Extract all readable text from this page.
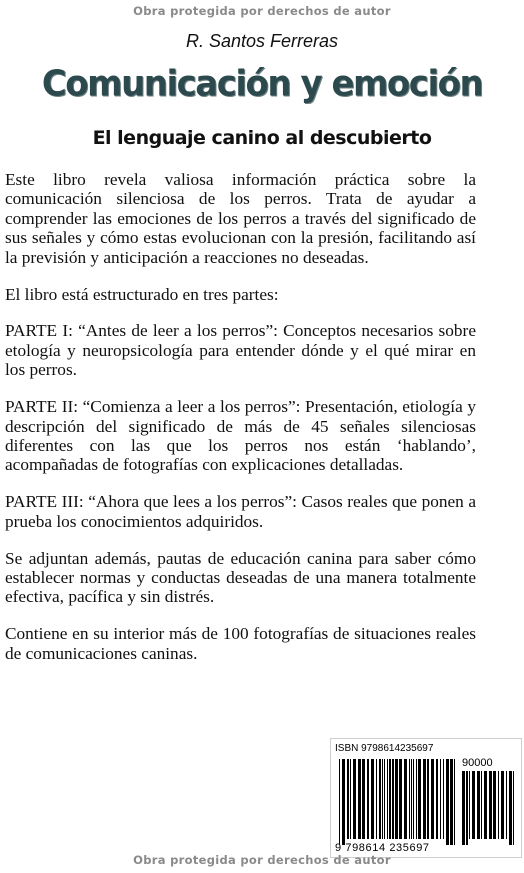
Obra protegida por derechos de autor
R. Santos Ferreras
Comunicación y emoción
El lenguaje canino al descubierto

Este libro revela valiosa información práctica sobre la comunicación silenciosa de los perros. Trata de ayudar a comprender las emociones de los perros a través del significado de sus señales y cómo estas evolucionan con la presión, facilitando así la previsión y anticipación a reacciones no deseadas.

El libro está estructurado en tres partes:

PARTE I: “Antes de leer a los perros”: Conceptos necesarios sobre etología y neuropsicología para entender dónde y el qué mirar en los perros.

PARTE II: “Comienza a leer a los perros”: Presentación, etiología y descripción del significado de más de 45 señales silenciosas diferentes con las que los perros nos están ‘hablando’, acompañadas de fotografías con explicaciones detalladas.

PARTE III: “Ahora que lees a los perros”: Casos reales que ponen a prueba los conocimientos adquiridos.

Se adjuntan además, pautas de educación canina para saber cómo establecer normas y conductas deseadas de una manera totalmente efectiva, pacífica y sin distrés.

Contiene en su interior más de 100 fotografías de situaciones reales de comunicaciones caninas.

ISBN 9798614235697
90000
9 798614 235697
Obra protegida por derechos de autor
